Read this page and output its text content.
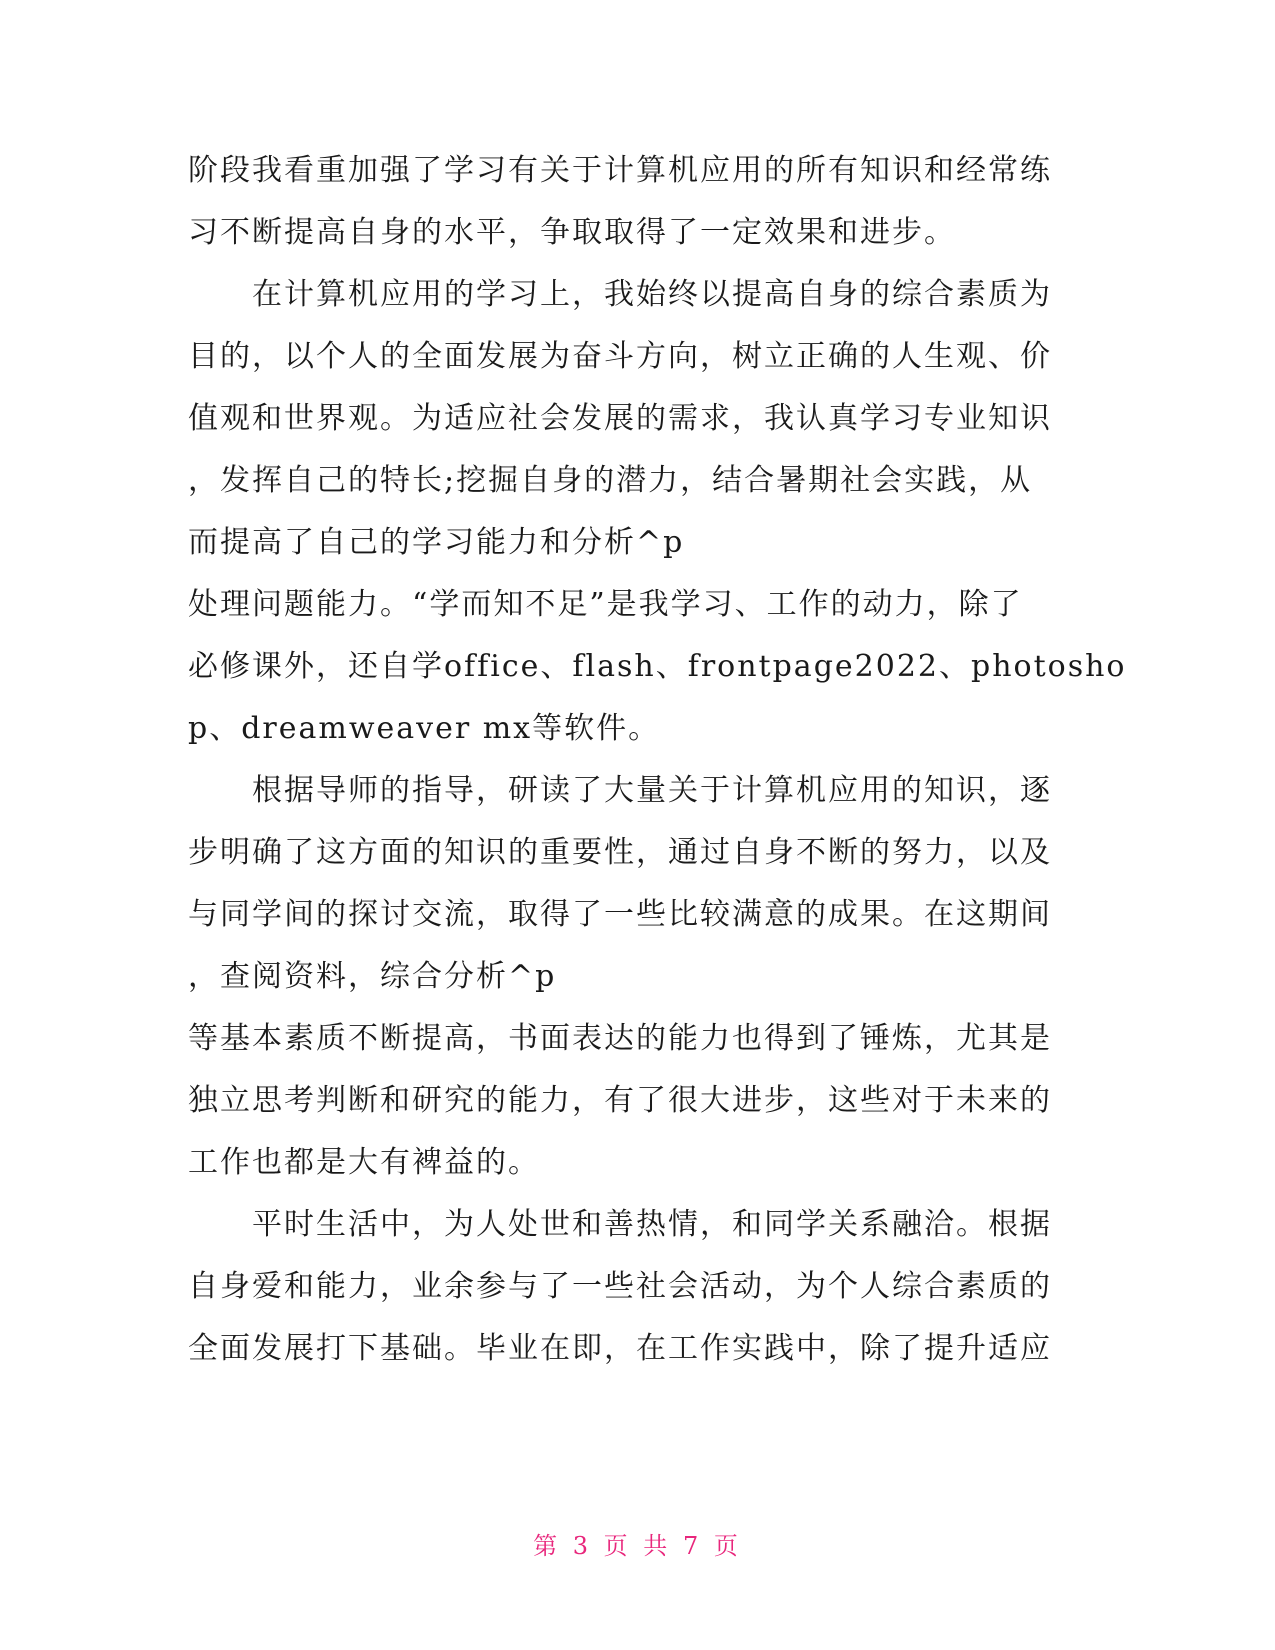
阶段我看重加强了学习有关于计算机应用的所有知识和经常练
习不断提高自身的水平，争取取得了一定效果和进步。
　　在计算机应用的学习上，我始终以提高自身的综合素质为
目的，以个人的全面发展为奋斗方向，树立正确的人生观、价
值观和世界观。为适应社会发展的需求，我认真学习专业知识
，发挥自己的特长;挖掘自身的潜力，结合暑期社会实践，从
而提高了自己的学习能力和分析^p
处理问题能力。“学而知不足”是我学习、工作的动力，除了
必修课外，还自学office、flash、frontpage2022、photosho
p、dreamweaver mx等软件。
　　根据导师的指导，研读了大量关于计算机应用的知识，逐
步明确了这方面的知识的重要性，通过自身不断的努力，以及
与同学间的探讨交流，取得了一些比较满意的成果。在这期间
，查阅资料，综合分析^p
等基本素质不断提高，书面表达的能力也得到了锤炼，尤其是
独立思考判断和研究的能力，有了很大进步，这些对于未来的
工作也都是大有裨益的。
　　平时生活中，为人处世和善热情，和同学关系融洽。根据
自身爱和能力，业余参与了一些社会活动，为个人综合素质的
全面发展打下基础。毕业在即，在工作实践中，除了提升适应
第 3 页 共 7 页
